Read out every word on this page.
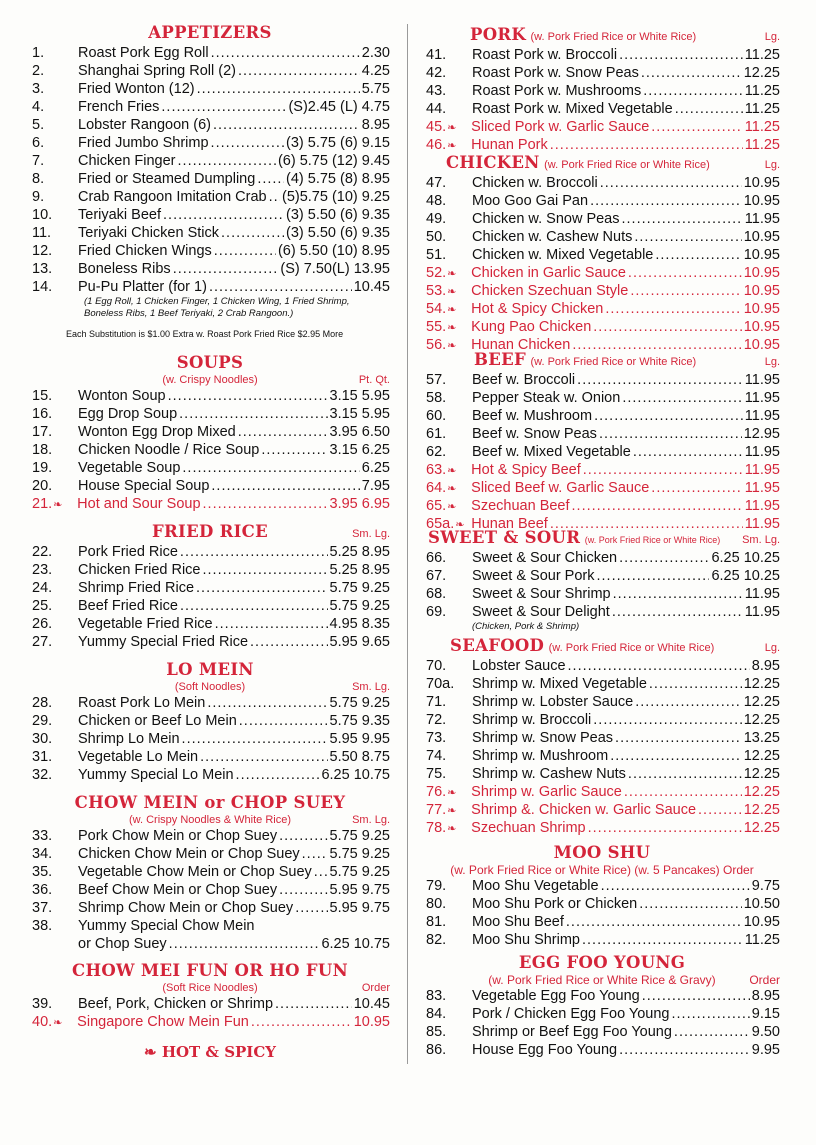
APPETIZERS
1.	Roast Pork Egg Roll .....	2.30
2.	Shanghai Spring Roll (2) .....	4.25
3.	Fried Wonton (12) .....	5.75
4.	French Fries .....	(S)2.45 (L) 4.75
5.	Lobster Rangoon (6) .....	8.95
6.	Fried Jumbo Shrimp .....	(3) 5.75 (6) 9.15
7.	Chicken Finger .....	(6) 5.75 (12) 9.45
8.	Fried or Steamed Dumpling ..... (4) 5.75 (8) 8.95
9.	Crab Rangoon Imitation Crab ..... (5)5.75 (10) 9.25
10.	Teriyaki Beef .....	(3) 5.50 (6) 9.35
11.	Teriyaki Chicken Stick .....	(3) 5.50 (6) 9.35
12.	Fried Chicken Wings .....	(6) 5.50 (10) 8.95
13.	Boneless Ribs .....	(S) 7.50(L) 13.95
14.	Pu-Pu Platter (for 1) .....	10.45
(1 Egg Roll, 1 Chicken Finger, 1 Chicken Wing, 1 Fried Shrimp, Boneless Ribs, 1 Beef Teriyaki, 2 Crab Rangoon.)
Each Substitution is $1.00 Extra w. Roast Pork Fried Rice $2.95 More
SOUPS
(w. Crispy Noodles)	Pt. Qt.
15.	Wonton Soup .....	3.15 5.95
16.	Egg Drop Soup .....	3.15 5.95
17.	Wonton Egg Drop Mixed .....	3.95 6.50
18.	Chicken Noodle / Rice Soup .....	3.15 6.25
19.	Vegetable Soup .....	6.25
20.	House Special Soup .....	7.95
21. ❧	Hot and Sour Soup .....	3.95 6.95
FRIED RICE	Sm. Lg.
22.	Pork Fried Rice .....	5.25 8.95
23.	Chicken Fried Rice .....	5.25 8.95
24.	Shrimp Fried Rice .....	5.75 9.25
25.	Beef Fried Rice .....	5.75 9.25
26.	Vegetable Fried Rice .....	4.95 8.35
27.	Yummy Special Fried Rice .....	5.95 9.65
LO MEIN
(Soft Noodles)	Sm. Lg.
28.	Roast Pork Lo Mein .....	5.75 9.25
29.	Chicken or Beef Lo Mein .....	5.75 9.35
30.	Shrimp Lo Mein .....	5.95 9.95
31.	Vegetable Lo Mein .....	5.50 8.75
32.	Yummy Special Lo Mein .....	6.25 10.75
CHOW MEIN or CHOP SUEY
(w. Crispy Noodles & White Rice)	Sm. Lg.
33.	Pork Chow Mein or Chop Suey .....	5.75 9.25
34.	Chicken Chow Mein or Chop Suey ..... 5.75 9.25
35.	Vegetable Chow Mein or Chop Suey ..... 5.75 9.25
36.	Beef Chow Mein or Chop Suey .....	5.95 9.75
37.	Shrimp Chow Mein or Chop Suey .....	5.95 9.75
38.	Yummy Special Chow Mein
or Chop Suey .....	6.25 10.75
CHOW MEI FUN OR HO FUN
(Soft Rice Noodles)	Order
39.	Beef, Pork, Chicken or Shrimp .....	10.45
40. ❧	Singapore Chow Mein Fun .....	10.95
❧ HOT & SPICY
PORK (w. Pork Fried Rice or White Rice)	Lg.
41.	Roast Pork w. Broccoli .....	11.25
42.	Roast Pork w. Snow Peas .....	12.25
43.	Roast Pork w. Mushrooms .....	11.25
44.	Roast Pork w. Mixed Vegetable .....	11.25
45. ❧	Sliced Pork w. Garlic Sauce .....	11.25
46. ❧	Hunan Pork .....	11.25
CHICKEN (w. Pork Fried Rice or White Rice)	Lg.
47.	Chicken w. Broccoli .....	10.95
48.	Moo Goo Gai Pan .....	10.95
49.	Chicken w. Snow Peas .....	11.95
50.	Chicken w. Cashew Nuts .....	10.95
51.	Chicken w. Mixed Vegetable .....	10.95
52. ❧	Chicken in Garlic Sauce .....	10.95
53. ❧	Chicken Szechuan Style .....	10.95
54. ❧	Hot & Spicy Chicken .....	10.95
55. ❧	Kung Pao Chicken .....	10.95
56. ❧	Hunan Chicken .....	10.95
BEEF (w. Pork Fried Rice or White Rice)	Lg.
57.	Beef w. Broccoli .....	11.95
58.	Pepper Steak w. Onion .....	11.95
60.	Beef w. Mushroom .....	11.95
61.	Beef w. Snow Peas .....	12.95
62.	Beef w. Mixed Vegetable .....	11.95
63. ❧	Hot & Spicy Beef .....	11.95
64. ❧	Sliced Beef w. Garlic Sauce .....	11.95
65. ❧	Szechuan Beef .....	11.95
65a. ❧ Hunan Beef .....	11.95
SWEET & SOUR (w. Pork Fried Rice or White Rice) Sm. Lg.
66.	Sweet & Sour Chicken .....	6.25 10.25
67.	Sweet & Sour Pork .....	6.25 10.25
68.	Sweet & Sour Shrimp .....	11.95
69.	Sweet & Sour Delight .....	11.95
(Chicken, Pork & Shrimp)
SEAFOOD (w. Pork Fried Rice or White Rice)	Lg.
70.	Lobster Sauce .....	8.95
70a.	Shrimp w. Mixed Vegetable .....	12.25
71.	Shrimp w. Lobster Sauce .....	12.25
72.	Shrimp w. Broccoli .....	12.25
73.	Shrimp w. Snow Peas .....	13.25
74.	Shrimp w. Mushroom .....	12.25
75.	Shrimp w. Cashew Nuts .....	12.25
76. ❧	Shrimp w. Garlic Sauce .....	12.25
77. ❧	Shrimp &. Chicken w. Garlic Sauce .....	12.25
78. ❧	Szechuan Shrimp .....	12.25
MOO SHU
(w. Pork Fried Rice or White Rice) (w. 5 Pancakes) Order
79.	Moo Shu Vegetable .....	9.75
80.	Moo Shu Pork or Chicken .....	10.50
81.	Moo Shu Beef .....	10.95
82.	Moo Shu Shrimp .....	11.25
EGG FOO YOUNG
(w. Pork Fried Rice or White Rice & Gravy)	Order
83.	Vegetable Egg Foo Young .....	8.95
84.	Pork / Chicken Egg Foo Young .....	9.15
85.	Shrimp or Beef Egg Foo Young .....	9.50
86.	House Egg Foo Young .....	9.95
